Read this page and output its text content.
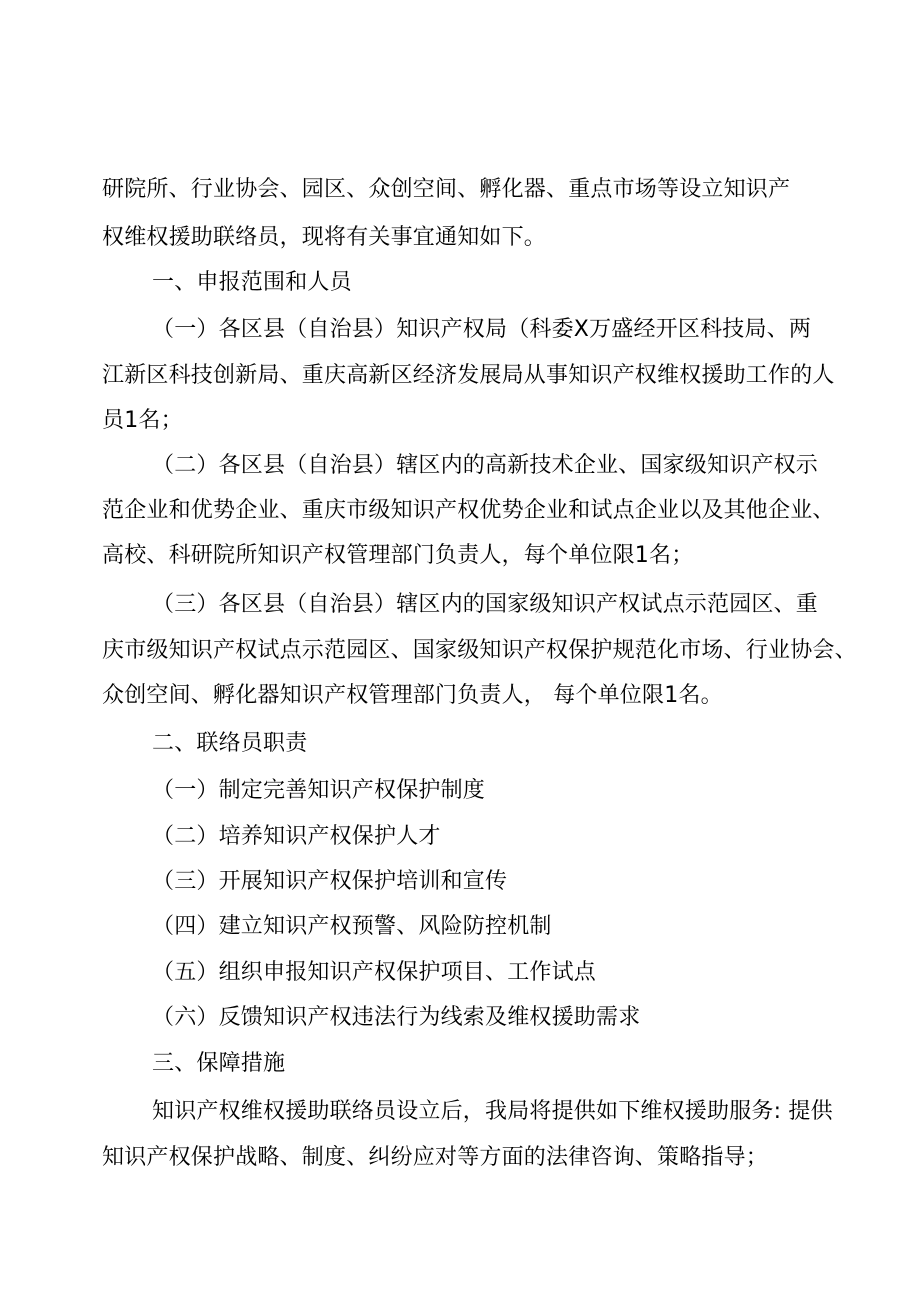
研院所、行业协会、园区、众创空间、孵化器、重点市场等设立知识产
权维权援助联络员，现将有关事宜通知如下。
一、申报范围和人员
（一）各区县（自治县）知识产权局（科委X万盛经开区科技局、两
江新区科技创新局、重庆高新区经济发展局从事知识产权维权援助工作的人
员1名；
（二）各区县（自治县）辖区内的高新技术企业、国家级知识产权示
范企业和优势企业、重庆市级知识产权优势企业和试点企业以及其他企业、
高校、科研院所知识产权管理部门负责人，每个单位限1名；
（三）各区县（自治县）辖区内的国家级知识产权试点示范园区、重
庆市级知识产权试点示范园区、国家级知识产权保护规范化市场、行业协会、
众创空间、孵化器知识产权管理部门负责人， 每个单位限1名。
二、联络员职责
（一）制定完善知识产权保护制度
（二）培养知识产权保护人才
（三）开展知识产权保护培训和宣传
（四）建立知识产权预警、风险防控机制
（五）组织申报知识产权保护项目、工作试点
（六）反馈知识产权违法行为线索及维权援助需求
三、保障措施
知识产权维权援助联络员设立后，我局将提供如下维权援助服务: 提供
知识产权保护战略、制度、纠纷应对等方面的法律咨询、策略指导；
